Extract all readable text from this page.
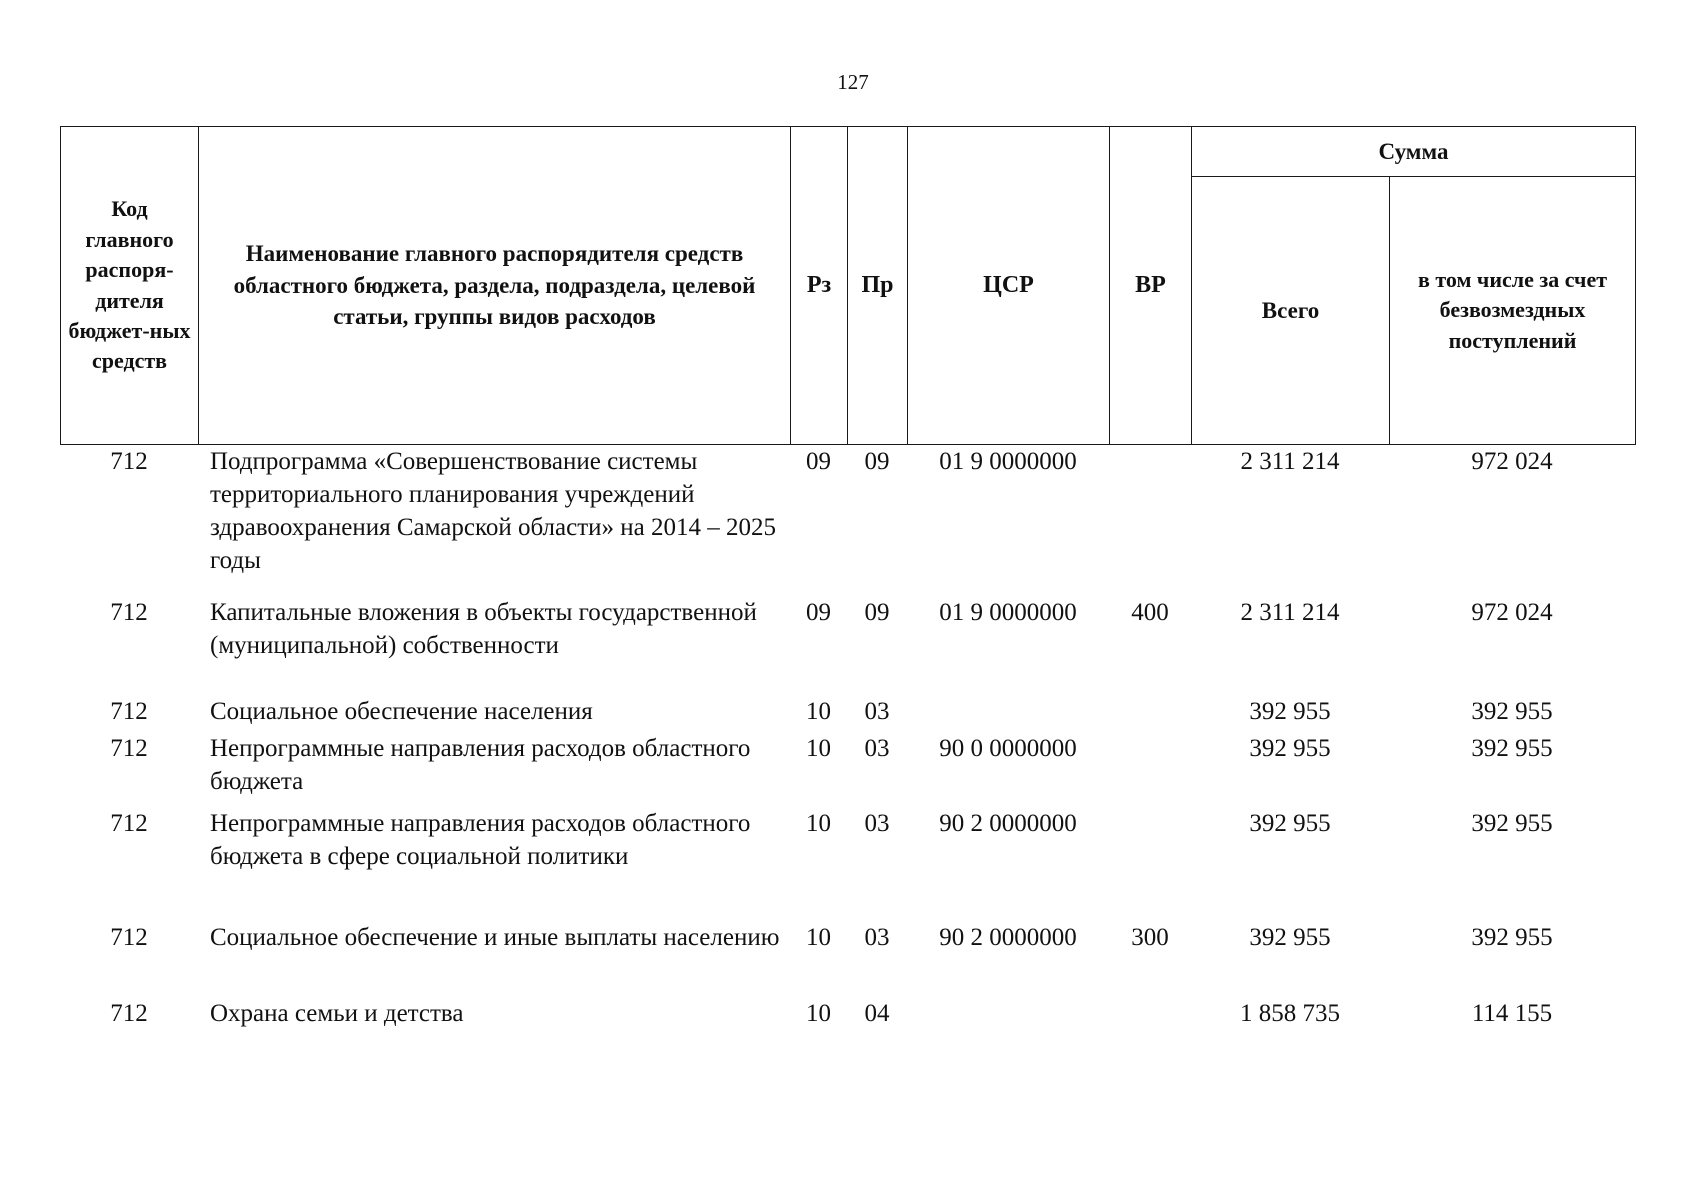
127
Код главного распоря-дителя бюджет-ных средств	Наименование главного распорядителя средств областного бюджета, раздела, подраздела, целевой статьи, группы видов расходов	Рз	Пр	ЦСР	ВР	Сумма	
						Всего	в том числе за счет безвозмездных поступлений
712	Подпрограмма «Совершенствование системы территориального планирования учреждений здравоохранения Самарской области» на 2014 – 2025 годы	09	09	01 9 0000000		2 311 214	972 024
712	Капитальные вложения в объекты государственной (муниципальной) собственности	09	09	01 9 0000000	400	2 311 214	972 024
712	Социальное обеспечение населения	10	03			392 955	392 955
712	Непрограммные направления расходов областного бюджета	10	03	90 0 0000000		392 955	392 955
712	Непрограммные направления расходов областного бюджета в сфере социальной политики	10	03	90 2 0000000		392 955	392 955
712	Социальное обеспечение и иные выплаты населению	10	03	90 2 0000000	300	392 955	392 955
712	Охрана семьи и детства	10	04			1 858 735	114 155
